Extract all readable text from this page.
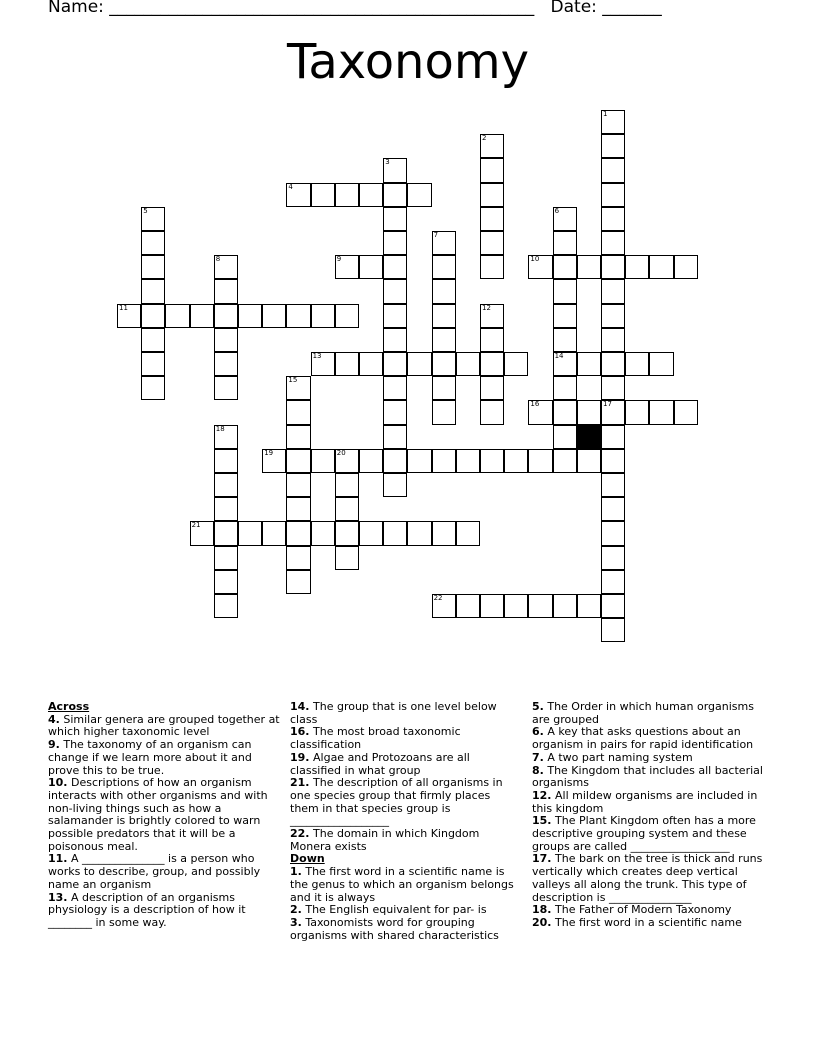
Name: __________________________________________________ Date: _______
Taxonomy
1
17
2
3
4
5	6
14
7
8	9	10
11	12
13
15
16
18
19	20
21
22

Across

4. Similar genera are grouped together at which higher taxonomic level

9. The taxonomy of an organism can change if we learn more about it and prove this to be true.

10. Descriptions of how an organism interacts with other organisms and with non-living things such as how a salamander is brightly colored to warn possible predators that it will be a poisonous meal.

11. A _______________ is a person who works to describe, group, and possibly name an organism

13. A description of an organisms physiology is a description of how it ________ in some way.

14. The group that is one level below class

16. The most broad taxonomic classification

19. Algae and Protozoans are all classified in what group

21. The description of all organisms in one species group that firmly places them in that species group is __________________

22. The domain in which Kingdom Monera exists

Down

1. The first word in a scientific name is the genus to which an organism belongs and it is always

2. The English equivalent for par- is

3. Taxonomists word for grouping organisms with shared characteristics

5. The Order in which human organisms are grouped

6. A key that asks questions about an organism in pairs for rapid identification

7. A two part naming system

8. The Kingdom that includes all bacterial organisms

12. All mildew organisms are included in this kingdom

15. The Plant Kingdom often has a more descriptive grouping system and these groups are called __________________

17. The bark on the tree is thick and runs vertically which creates deep vertical valleys all along the trunk. This type of description is _______________

18. The Father of Modern Taxonomy

20. The first word in a scientific name
